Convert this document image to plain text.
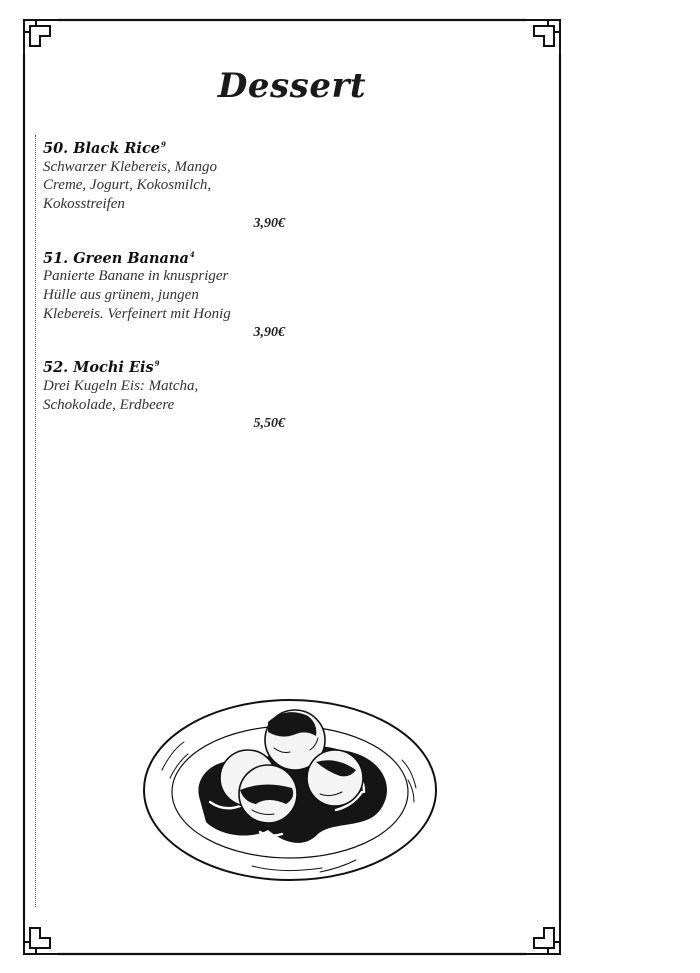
Dessert
50. Black Rice$^9$
Schwarzer Klebereis, Mango
Creme, Jogurt, Kokosmilch,
Kokosstreifen
3,90€
51. Green Banana$^4$
Panierte Banane in knuspriger
Hülle aus grünem, jungen
Klebereis. Verfeinert mit Honig
3,90€
52. Mochi Eis$^9$
Drei Kugeln Eis: Matcha,
Schokolade, Erdbeere
5,50€
